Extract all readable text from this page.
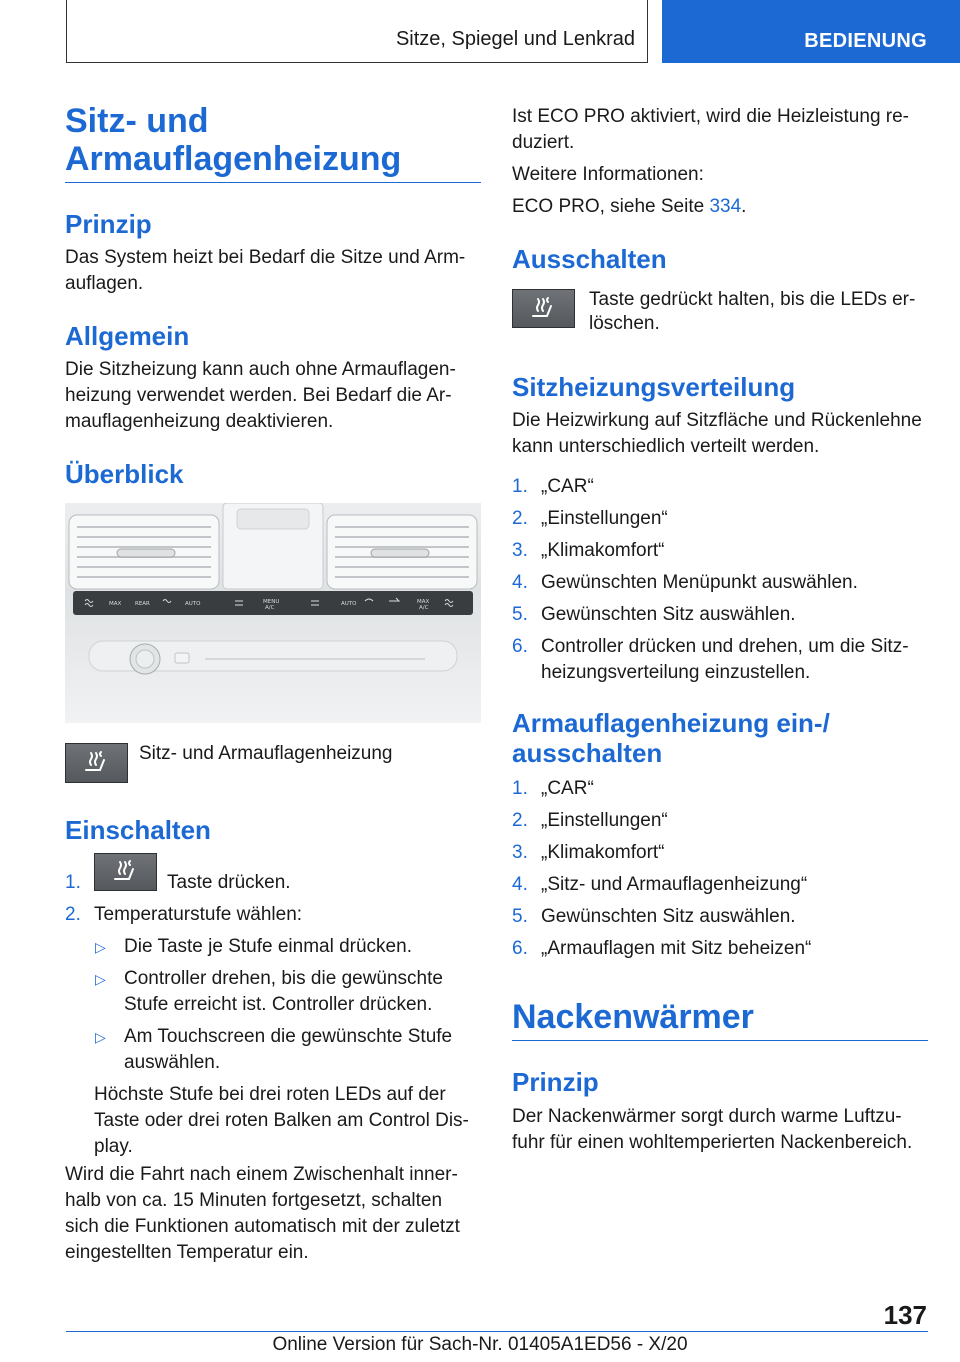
Sitze, Spiegel und Lenkrad	BEDIENUNG

Sitz- und

Armauflagenheizung

Prinzip

Das System heizt bei Bedarf die Sitze und Arm-

auflagen.

Allgemein

Die Sitzheizung kann auch ohne Armauflagen-

heizung verwendet werden. Bei Bedarf die Ar-

mauflagenheizung deaktivieren.

Überblick

MAX REAR	AUTO	MENU
A/C
AUTO	MAX
A/C

Sitz- und Armauflagenheizung

Einschalten

1.	Taste drücken.
2. Temperaturstufe wählen:
▷ Die Taste je Stufe einmal drücken.
▷ Controller drehen, bis die gewünschte
Stufe erreicht ist. Controller drücken.
▷ Am Touchscreen die gewünschte Stufe
auswählen.
Höchste Stufe bei drei roten LEDs auf der
Taste oder drei roten Balken am Control Dis-
play.

Wird die Fahrt nach einem Zwischenhalt inner-

halb von ca. 15 Minuten fortgesetzt, schalten

sich die Funktionen automatisch mit der zuletzt

eingestellten Temperatur ein.

Ist ECO PRO aktiviert, wird die Heizleistung re-

duziert.

Weitere Informationen:

ECO PRO, siehe Seite 334.

Ausschalten

Taste gedrückt halten, bis die LEDs er-

löschen.

Sitzheizungsverteilung

Die Heizwirkung auf Sitzfläche und Rückenlehne

kann unterschiedlich verteilt werden.

1. „CAR“
2. „Einstellungen“
3. „Klimakomfort“
4. Gewünschten Menüpunkt auswählen.
5. Gewünschten Sitz auswählen.
6. Controller drücken und drehen, um die Sitz-
heizungsverteilung einzustellen.

Armauflagenheizung ein-/

ausschalten

1. „CAR“
2. „Einstellungen“
3. „Klimakomfort“
4. „Sitz- und Armauflagenheizung“
5. Gewünschten Sitz auswählen.
6. „Armauflagen mit Sitz beheizen“

Nackenwärmer

Prinzip

Der Nackenwärmer sorgt durch warme Luftzu-

fuhr für einen wohltemperierten Nackenbereich.

137
Online Version für Sach-Nr. 01405A1ED56 - X/20
